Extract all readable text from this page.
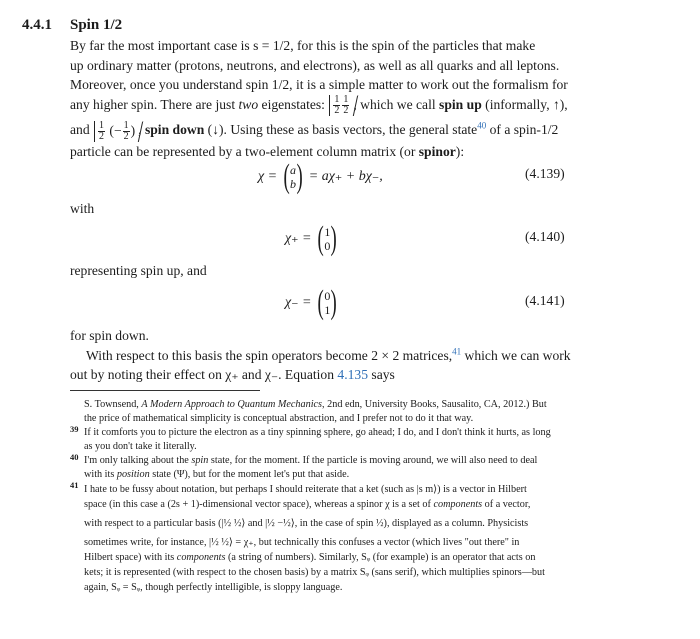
4.4.1 Spin 1/2
By far the most important case is s = 1/2, for this is the spin of the particles that make
up ordinary matter (protons, neutrons, and electrons), as well as all quarks and all leptons.
Moreover, once you understand spin 1/2, it is a simple matter to work out the formalism for
any higher spin. There are just two eigenstates: $\frac{1}{2} \frac{1}{2}$ , which we call spin up (informally, ↑),
and $\frac{1}{2}$ (− $\frac{1}{2}$ ) , spin down (↓). Using these as basis vectors, the general state$^{40}$ of a spin-1/2
particle can be represented by a two-element column matrix (or spinor):
χ = ( a
b ) = aχ₊ + bχ₋,	(4.139)
with
χ₊ = ( 1
0 )	(4.140)
representing spin up, and
χ₋ = ( 0
1 )	(4.141)
for spin down.
With respect to this basis the spin operators become 2 × 2 matrices,$^{41}$ which we can work
out by noting their effect on χ₊ and χ₋. Equation 4.135 says
S. Townsend, A Modern Approach to Quantum Mechanics, 2nd edn, University Books, Sausalito, CA, 2012.) But
the price of mathematical simplicity is conceptual abstraction, and I prefer not to do it that way.
39 If it comforts you to picture the electron as a tiny spinning sphere, go ahead; I do, and I don't think it hurts, as long
as you don't take it literally.
40 I'm only talking about the spin state, for the moment. If the particle is moving around, we will also need to deal
with its position state (Ψ), but for the moment let's put that aside.
41 I hate to be fussy about notation, but perhaps I should reiterate that a ket (such as |s m⟩) is a vector in Hilbert
space (in this case a (2s + 1)-dimensional vector space), whereas a spinor χ is a set of components of a vector,
with respect to a particular basis (|½ ½⟩ and |½ −½⟩, in the case of spin ½), displayed as a column. Physicists
sometimes write, for instance, |½ ½⟩ = χ₊, but technically this confuses a vector (which lives "out there" in
Hilbert space) with its components (a string of numbers). Similarly, Sᵩ (for example) is an operator that acts on
kets; it is represented (with respect to the chosen basis) by a matrix Sᵩ (sans serif), which multiplies spinors—but
again, Sᵩ = Sᵩ, though perfectly intelligible, is sloppy language.
